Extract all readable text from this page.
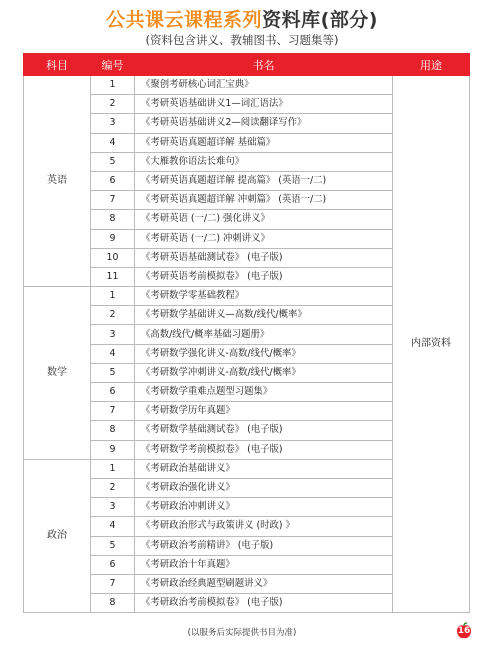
公共课云课程系列资料库(部分)
(资料包含讲义、教辅图书、习题集等)
科目	编号	书名	用途
英语	1	《聚创考研核心词汇宝典》	内部资料
	2	《考研英语基础讲义1—词汇语法》	
	3	《考研英语基础讲义2—阅读翻译写作》	
	4	《考研英语真题超详解 基础篇》	
	5	《大雁教你语法长难句》	
	6	《考研英语真题超详解 提高篇》 (英语一/二)	
	7	《考研英语真题超详解 冲刺篇》 (英语一/二)	
	8	《考研英语 (一/二) 强化讲义》	
	9	《考研英语 (一/二) 冲刺讲义》	
	10	《考研英语基础测试卷》 (电子版)	
	11	《考研英语考前模拟卷》 (电子版)	
数学	1	《考研数学零基础教程》	
	2	《考研数学基础讲义—高数/线代/概率》	
	3	《高数/线代/概率基础习题册》	
	4	《考研数学强化讲义-高数/线代/概率》	
	5	《考研数学冲刺讲义-高数/线代/概率》	
	6	《考研数学重难点题型习题集》	
	7	《考研数学历年真题》	
	8	《考研数学基础测试卷》 (电子版)	
	9	《考研数学考前模拟卷》 (电子版)	
政治	1	《考研政治基础讲义》	
	2	《考研政治强化讲义》	
	3	《考研政治冲刺讲义》	
	4	《考研政治形式与政策讲义 (时政) 》	
	5	《考研政治考前精讲》 (电子版)	
	6	《考研政治十年真题》	
	7	《考研政治经典题型刷题讲义》	
	8	《考研政治考前模拟卷》 (电子版)	
(以服务后实际提供书目为准)	16
